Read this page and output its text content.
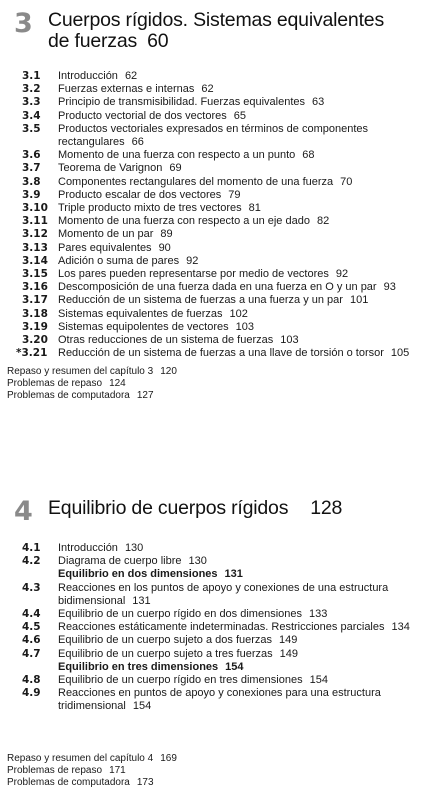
3 Cuerpos rígidos. Sistemas equivalentes
de fuerzas 60
3.1	Introducción 62
3.2	Fuerzas externas e internas 62
3.3	Principio de transmisibilidad. Fuerzas equivalentes 63
3.4	Producto vectorial de dos vectores 65
3.5	Productos vectoriales expresados en términos de componentes
rectangulares 66
3.6	Momento de una fuerza con respecto a un punto 68
3.7	Teorema de Varignon 69
3.8	Componentes rectangulares del momento de una fuerza 70
3.9	Producto escalar de dos vectores 79
3.10 Triple producto mixto de tres vectores 81
3.11 Momento de una fuerza con respecto a un eje dado 82
3.12 Momento de un par 89
3.13 Pares equivalentes 90
3.14 Adición o suma de pares 92
3.15 Los pares pueden representarse por medio de vectores 92
3.16 Descomposición de una fuerza dada en una fuerza en O y un par 93
3.17 Reducción de un sistema de fuerzas a una fuerza y un par 101
3.18 Sistemas equivalentes de fuerzas 102
3.19 Sistemas equipolentes de vectores 103
3.20 Otras reducciones de un sistema de fuerzas 103
*3.21 Reducción de un sistema de fuerzas a una llave de torsión o torsor 105
Repaso y resumen del capítulo 3 120
Problemas de repaso 124
Problemas de computadora 127
4 Equilibrio de cuerpos rígidos 128
4.1	Introducción 130
4.2	Diagrama de cuerpo libre 130
Equilibrio en dos dimensiones 131
4.3	Reacciones en los puntos de apoyo y conexiones de una estructura
bidimensional 131
4.4	Equilibrio de un cuerpo rígido en dos dimensiones 133
4.5	Reacciones estáticamente indeterminadas. Restricciones parciales 134
4.6	Equilibrio de un cuerpo sujeto a dos fuerzas 149
4.7	Equilibrio de un cuerpo sujeto a tres fuerzas 149
Equilibrio en tres dimensiones 154
4.8	Equilibrio de un cuerpo rígido en tres dimensiones 154
4.9	Reacciones en puntos de apoyo y conexiones para una estructura
tridimensional 154
Repaso y resumen del capítulo 4 169
Problemas de repaso 171
Problemas de computadora 173
